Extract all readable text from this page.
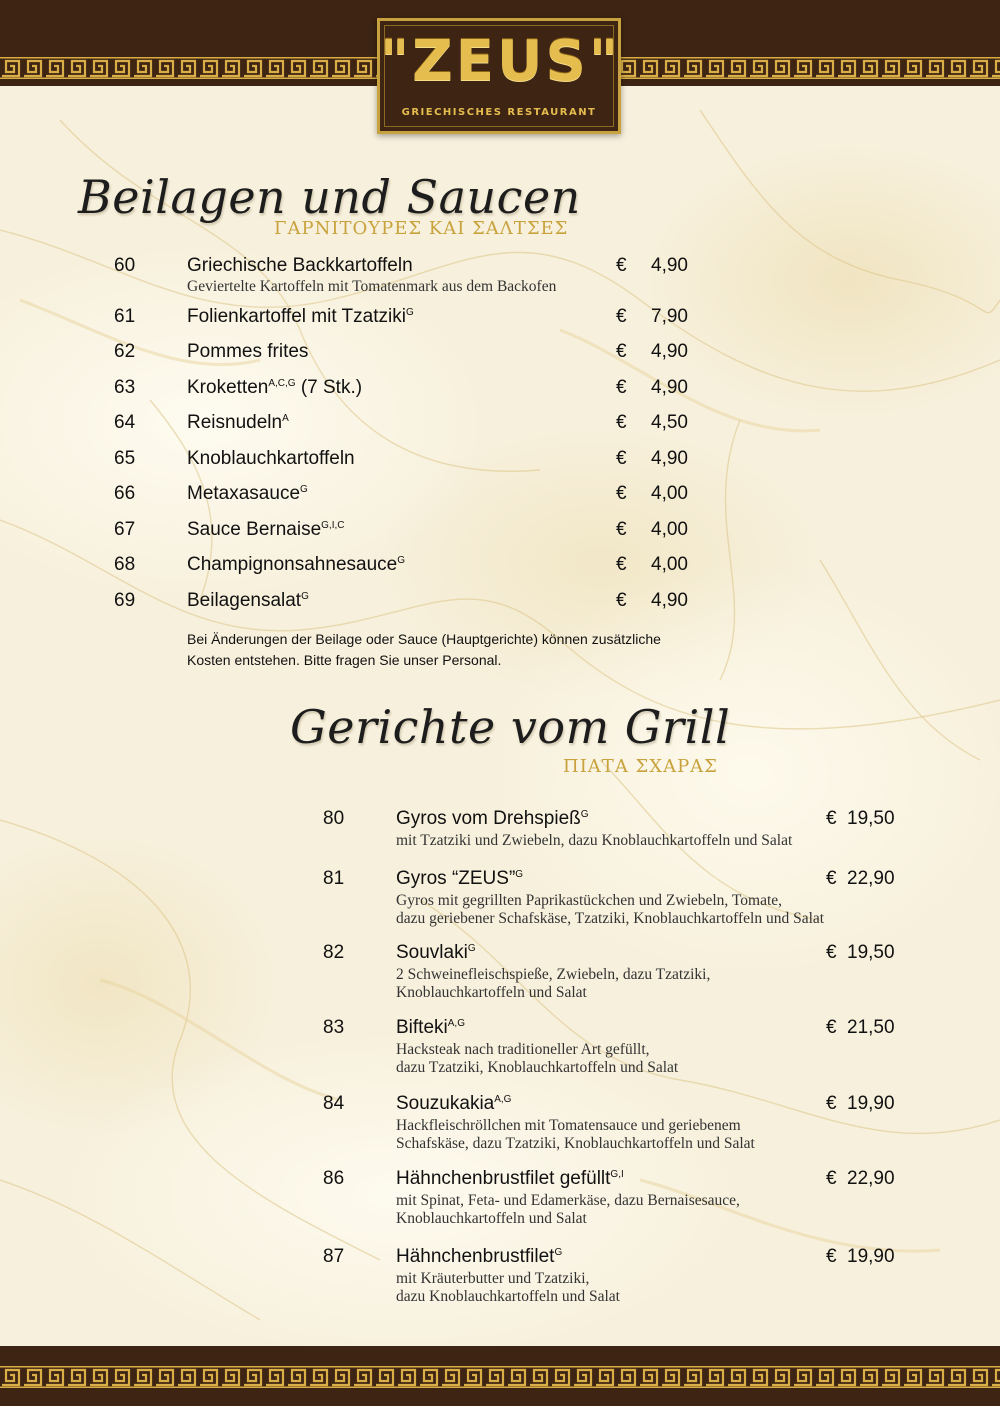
"ZEUS"
GRIECHISCHES RESTAURANT
Beilagen und Saucen
ΓΑΡΝΙΤΟΥΡΕΣ ΚΑΙ ΣΑΛΤΣΕΣ
60	Griechische Backkartoffeln	€ 4,90
Geviertelte Kartoffeln mit Tomatenmark aus dem Backofen
61	Folienkartoffel mit Tzatziki$^G$	€ 7,90
62	Pommes frites	€ 4,90
63	Kroketten$^{A,C,G}$ (7 Stk.)	€ 4,90
64	Reisnudeln$^A$	€ 4,50
65	Knoblauchkartoffeln	€ 4,90
66	Metaxasauce$^G$	€ 4,00
67	Sauce Bernaise$^{G,I,C}$	€ 4,00
68	Champignonsahnesauce$^G$	€ 4,00
69	Beilagensalat$^G$	€ 4,90
Bei Änderungen der Beilage oder Sauce (Hauptgerichte) können zusätzliche
Kosten entstehen. Bitte fragen Sie unser Personal.
Gerichte vom Grill
ΠΙΑΤΑ ΣΧΑΡΑΣ
80	Gyros vom Drehspieß$^G$	€ 19,50
mit Tzatziki und Zwiebeln, dazu Knoblauchkartoffeln und Salat
81	Gyros “ZEUS”$^G$	€ 22,90
Gyros mit gegrillten Paprikastückchen und Zwiebeln, Tomate,
dazu geriebener Schafskäse, Tzatziki, Knoblauchkartoffeln und Salat
82	Souvlaki$^G$	€ 19,50
2 Schweinefleischspieße, Zwiebeln, dazu Tzatziki,
Knoblauchkartoffeln und Salat
83	Bifteki$^{A,G}$	€ 21,50
Hacksteak nach traditioneller Art gefüllt,
dazu Tzatziki, Knoblauchkartoffeln und Salat
84	Souzukakia$^{A,G}$	€ 19,90
Hackfleischröllchen mit Tomatensauce und geriebenem
Schafskäse, dazu Tzatziki, Knoblauchkartoffeln und Salat
86	Hähnchenbrustfilet gefüllt$^{G,I}$	€ 22,90
mit Spinat, Feta- und Edamerkäse, dazu Bernaisesauce,
Knoblauchkartoffeln und Salat
87	Hähnchenbrustfilet$^G$	€ 19,90
mit Kräuterbutter und Tzatziki,
dazu Knoblauchkartoffeln und Salat
